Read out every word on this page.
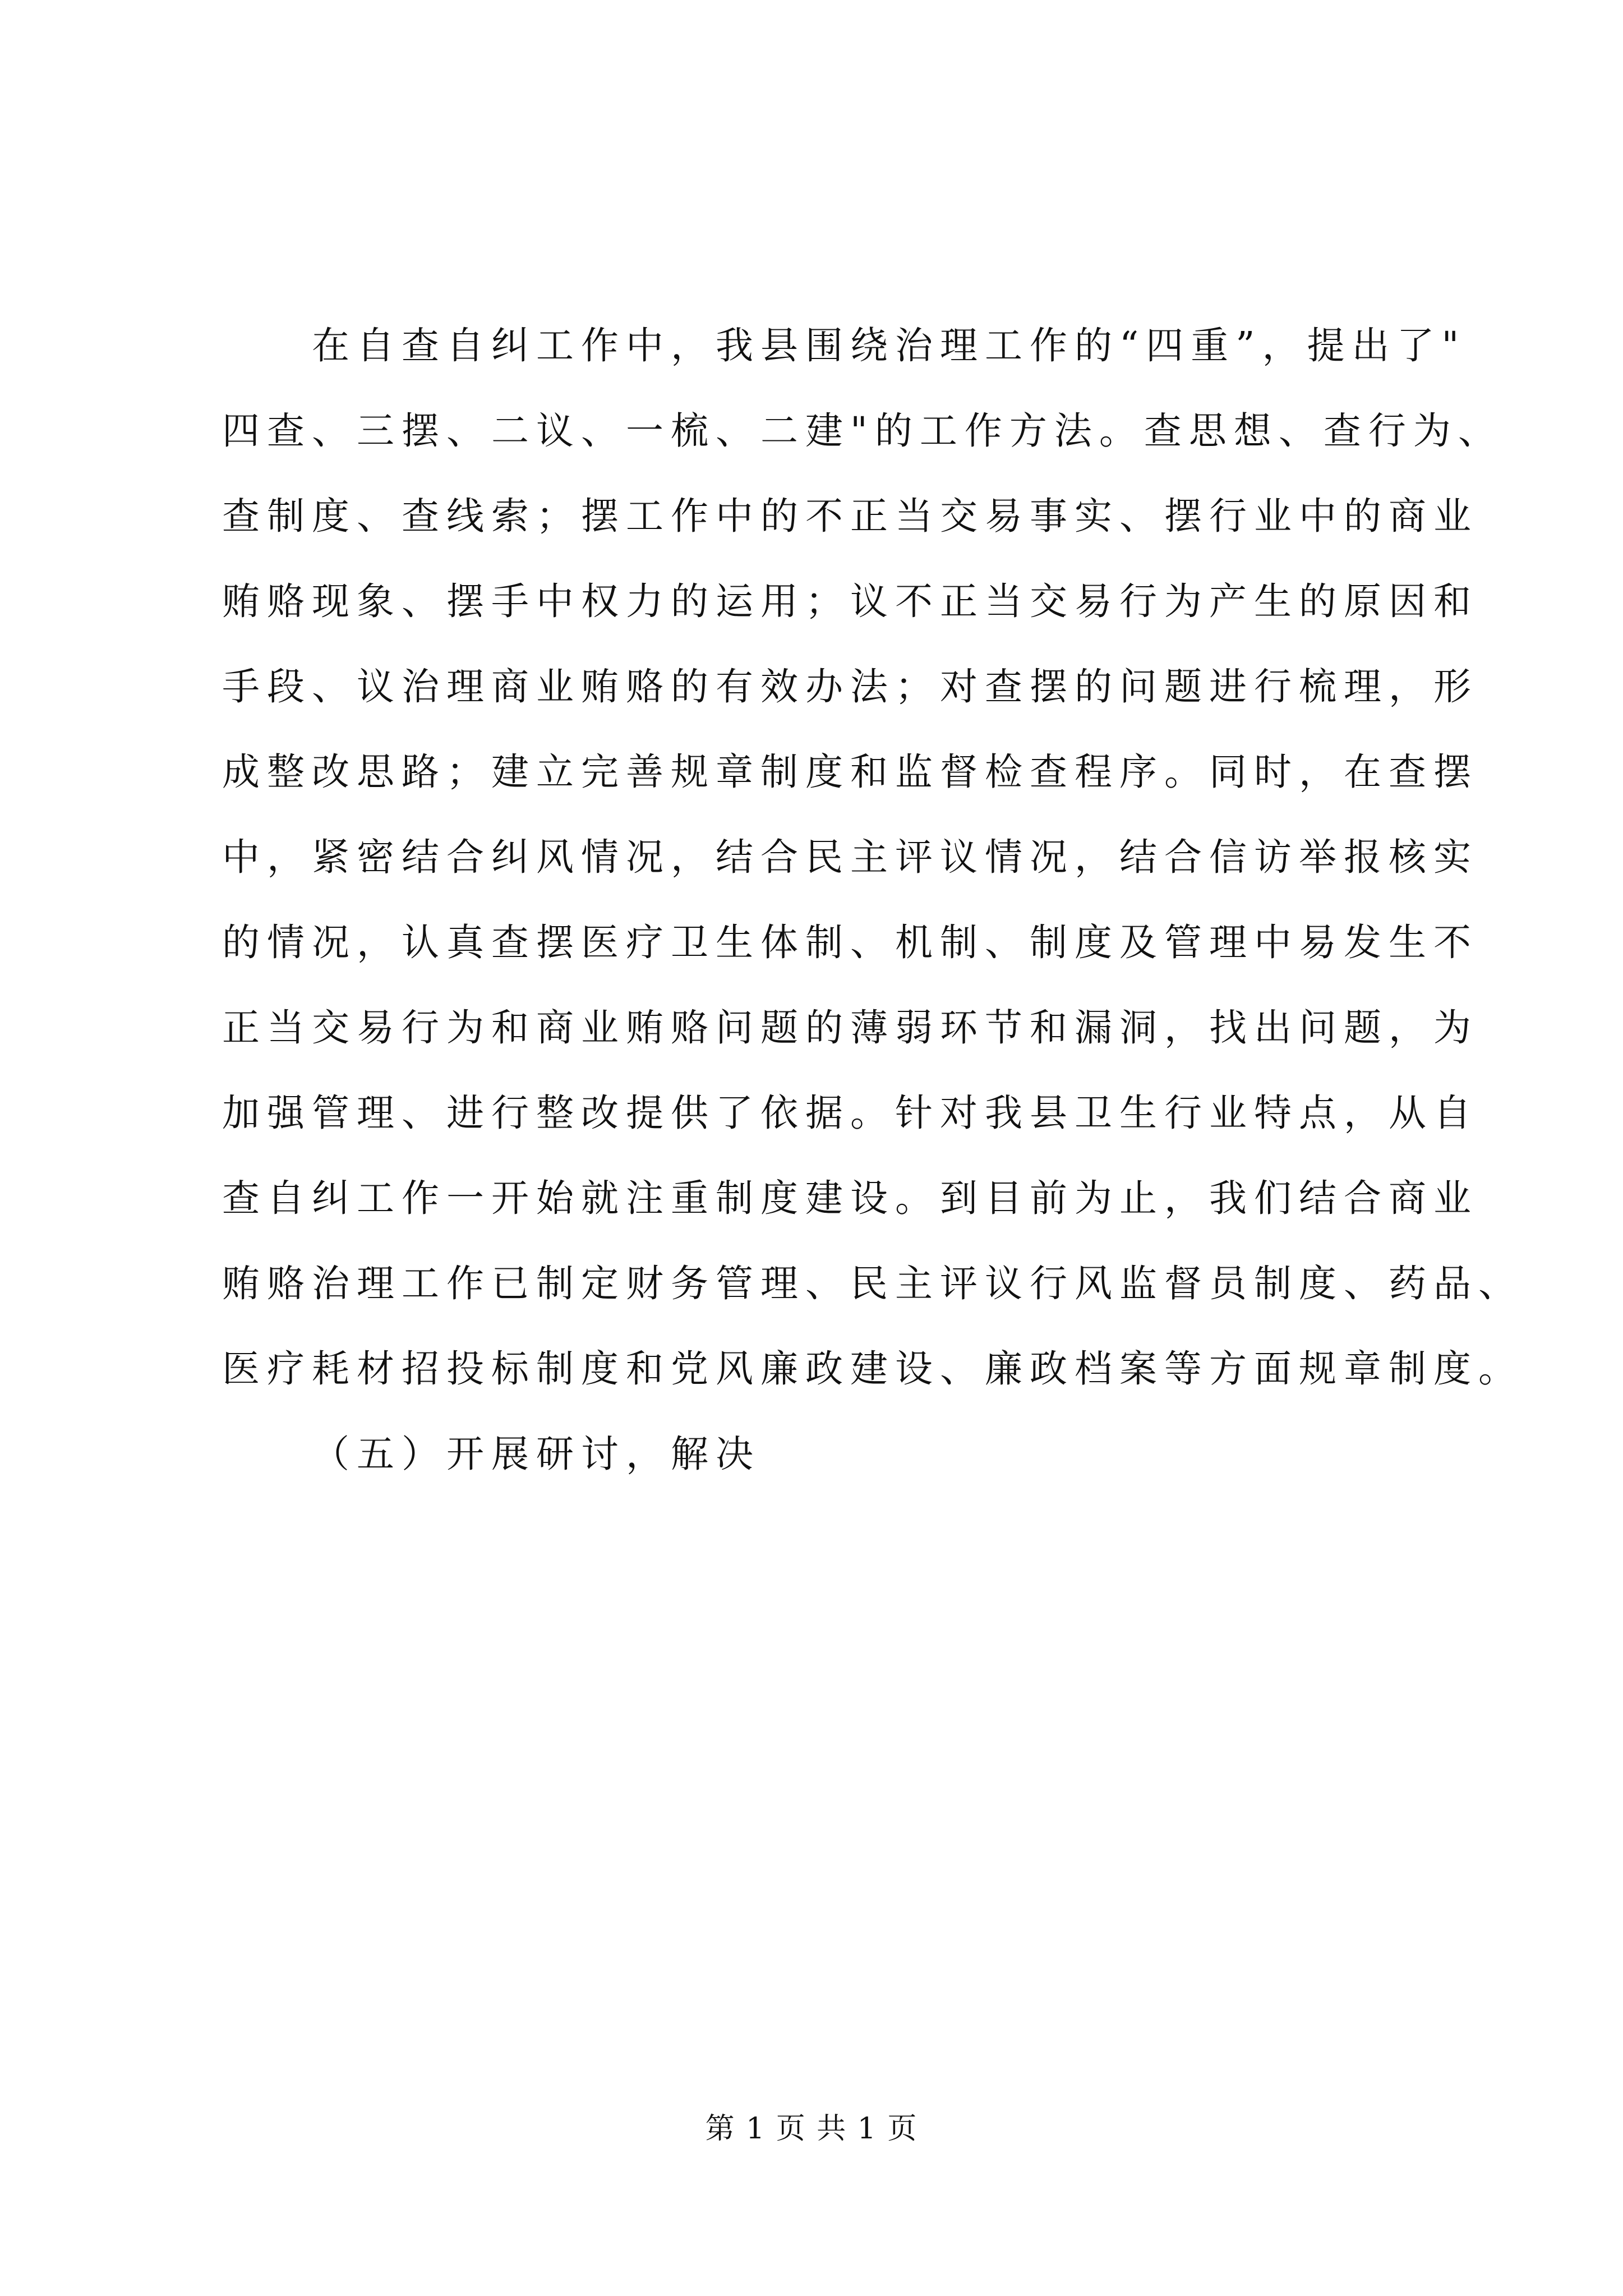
在自查自纠工作中，我县围绕治理工作的“四重”，提出了"
四查、三摆、二议、一梳、二建"的工作方法。查思想、查行为、
查制度、查线索；摆工作中的不正当交易事实、摆行业中的商业
贿赂现象、摆手中权力的运用；议不正当交易行为产生的原因和
手段、议治理商业贿赂的有效办法；对查摆的问题进行梳理，形
成整改思路；建立完善规章制度和监督检查程序。同时，在查摆
中，紧密结合纠风情况，结合民主评议情况，结合信访举报核实
的情况，认真查摆医疗卫生体制、机制、制度及管理中易发生不
正当交易行为和商业贿赂问题的薄弱环节和漏洞，找出问题，为
加强管理、进行整改提供了依据。针对我县卫生行业特点，从自
查自纠工作一开始就注重制度建设。到目前为止，我们结合商业
贿赂治理工作已制定财务管理、民主评议行风监督员制度、药品、
医疗耗材招投标制度和党风廉政建设、廉政档案等方面规章制度。
（五）开展研讨，解决
第 1 页 共 1 页
